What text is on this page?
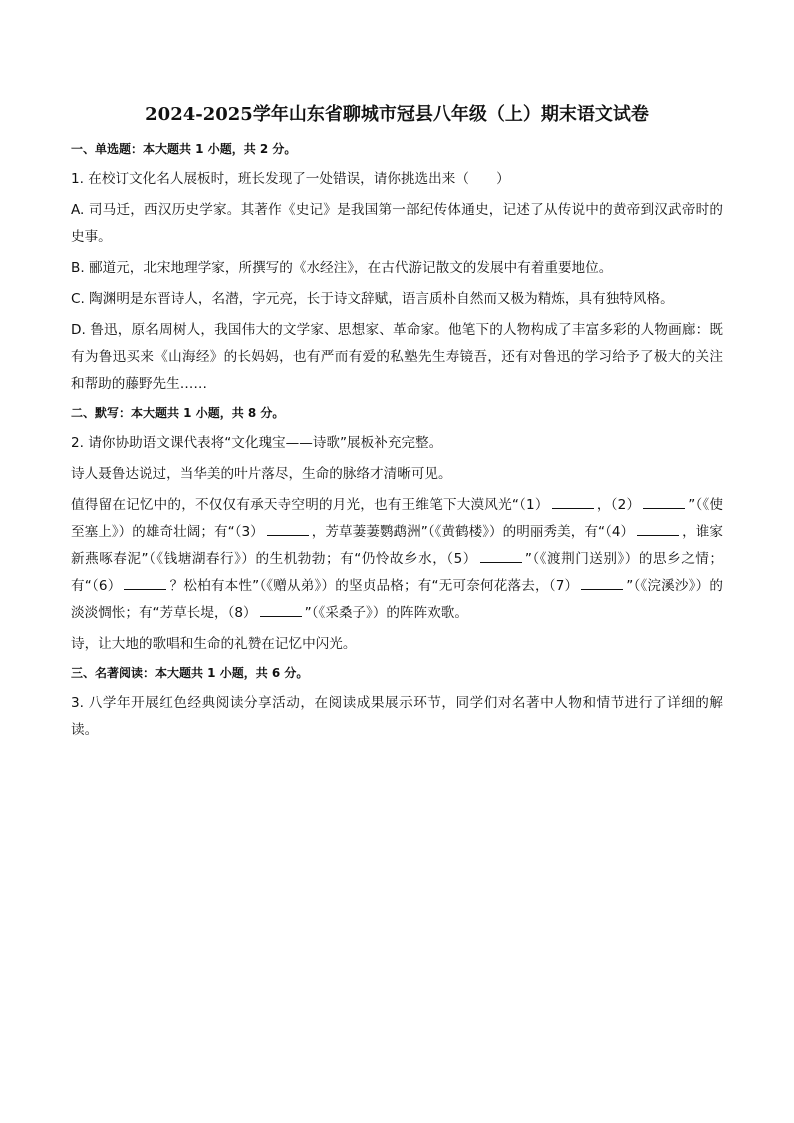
2024-2025学年山东省聊城市冠县八年级（上）期末语文试卷
一、单选题：本大题共 1 小题，共 2 分。
1. 在校订文化名人展板时，班长发现了一处错误，请你挑选出来（　　）
A. 司马迁，西汉历史学家。其著作《史记》是我国第一部纪传体通史，记述了从传说中的黄帝到汉武帝时的史事。
B. 郦道元，北宋地理学家，所撰写的《水经注》，在古代游记散文的发展中有着重要地位。
C. 陶渊明是东晋诗人，名潜，字元亮，长于诗文辞赋，语言质朴自然而又极为精炼，具有独特风格。
D. 鲁迅，原名周树人，我国伟大的文学家、思想家、革命家。他笔下的人物构成了丰富多彩的人物画廊：既有为鲁迅买来《山海经》的长妈妈，也有严而有爱的私塾先生寿镜吾，还有对鲁迅的学习给予了极大的关注和帮助的藤野先生……
二、默写：本大题共 1 小题，共 8 分。
2. 请你协助语文课代表将“文化瑰宝——诗歌”展板补充完整。
诗人聂鲁达说过，当华美的叶片落尽，生命的脉络才清晰可见。
值得留在记忆中的，不仅仅有承天寺空明的月光，也有王维笔下大漠风光“（1）	，（2）	”（《使至塞上》）的雄奇壮阔；有“（3）	，芳草萋萋鹦鹉洲”（《黄鹤楼》）的明丽秀美，有“（4）	，谁家新燕啄春泥”（《钱塘湖春行》）的生机勃勃；有“仍怜故乡水，（5）	”（《渡荆门送别》）的思乡之情；有“（6）	？松柏有本性”（《赠从弟》）的坚贞品格；有“无可奈何花落去，（7）	”（《浣溪沙》）的淡淡惆怅；有“芳草长堤，（8）	”（《采桑子》）的阵阵欢歌。
诗，让大地的歌唱和生命的礼赞在记忆中闪光。
三、名著阅读：本大题共 1 小题，共 6 分。
3. 八学年开展红色经典阅读分享活动，在阅读成果展示环节，同学们对名著中人物和情节进行了详细的解读。
